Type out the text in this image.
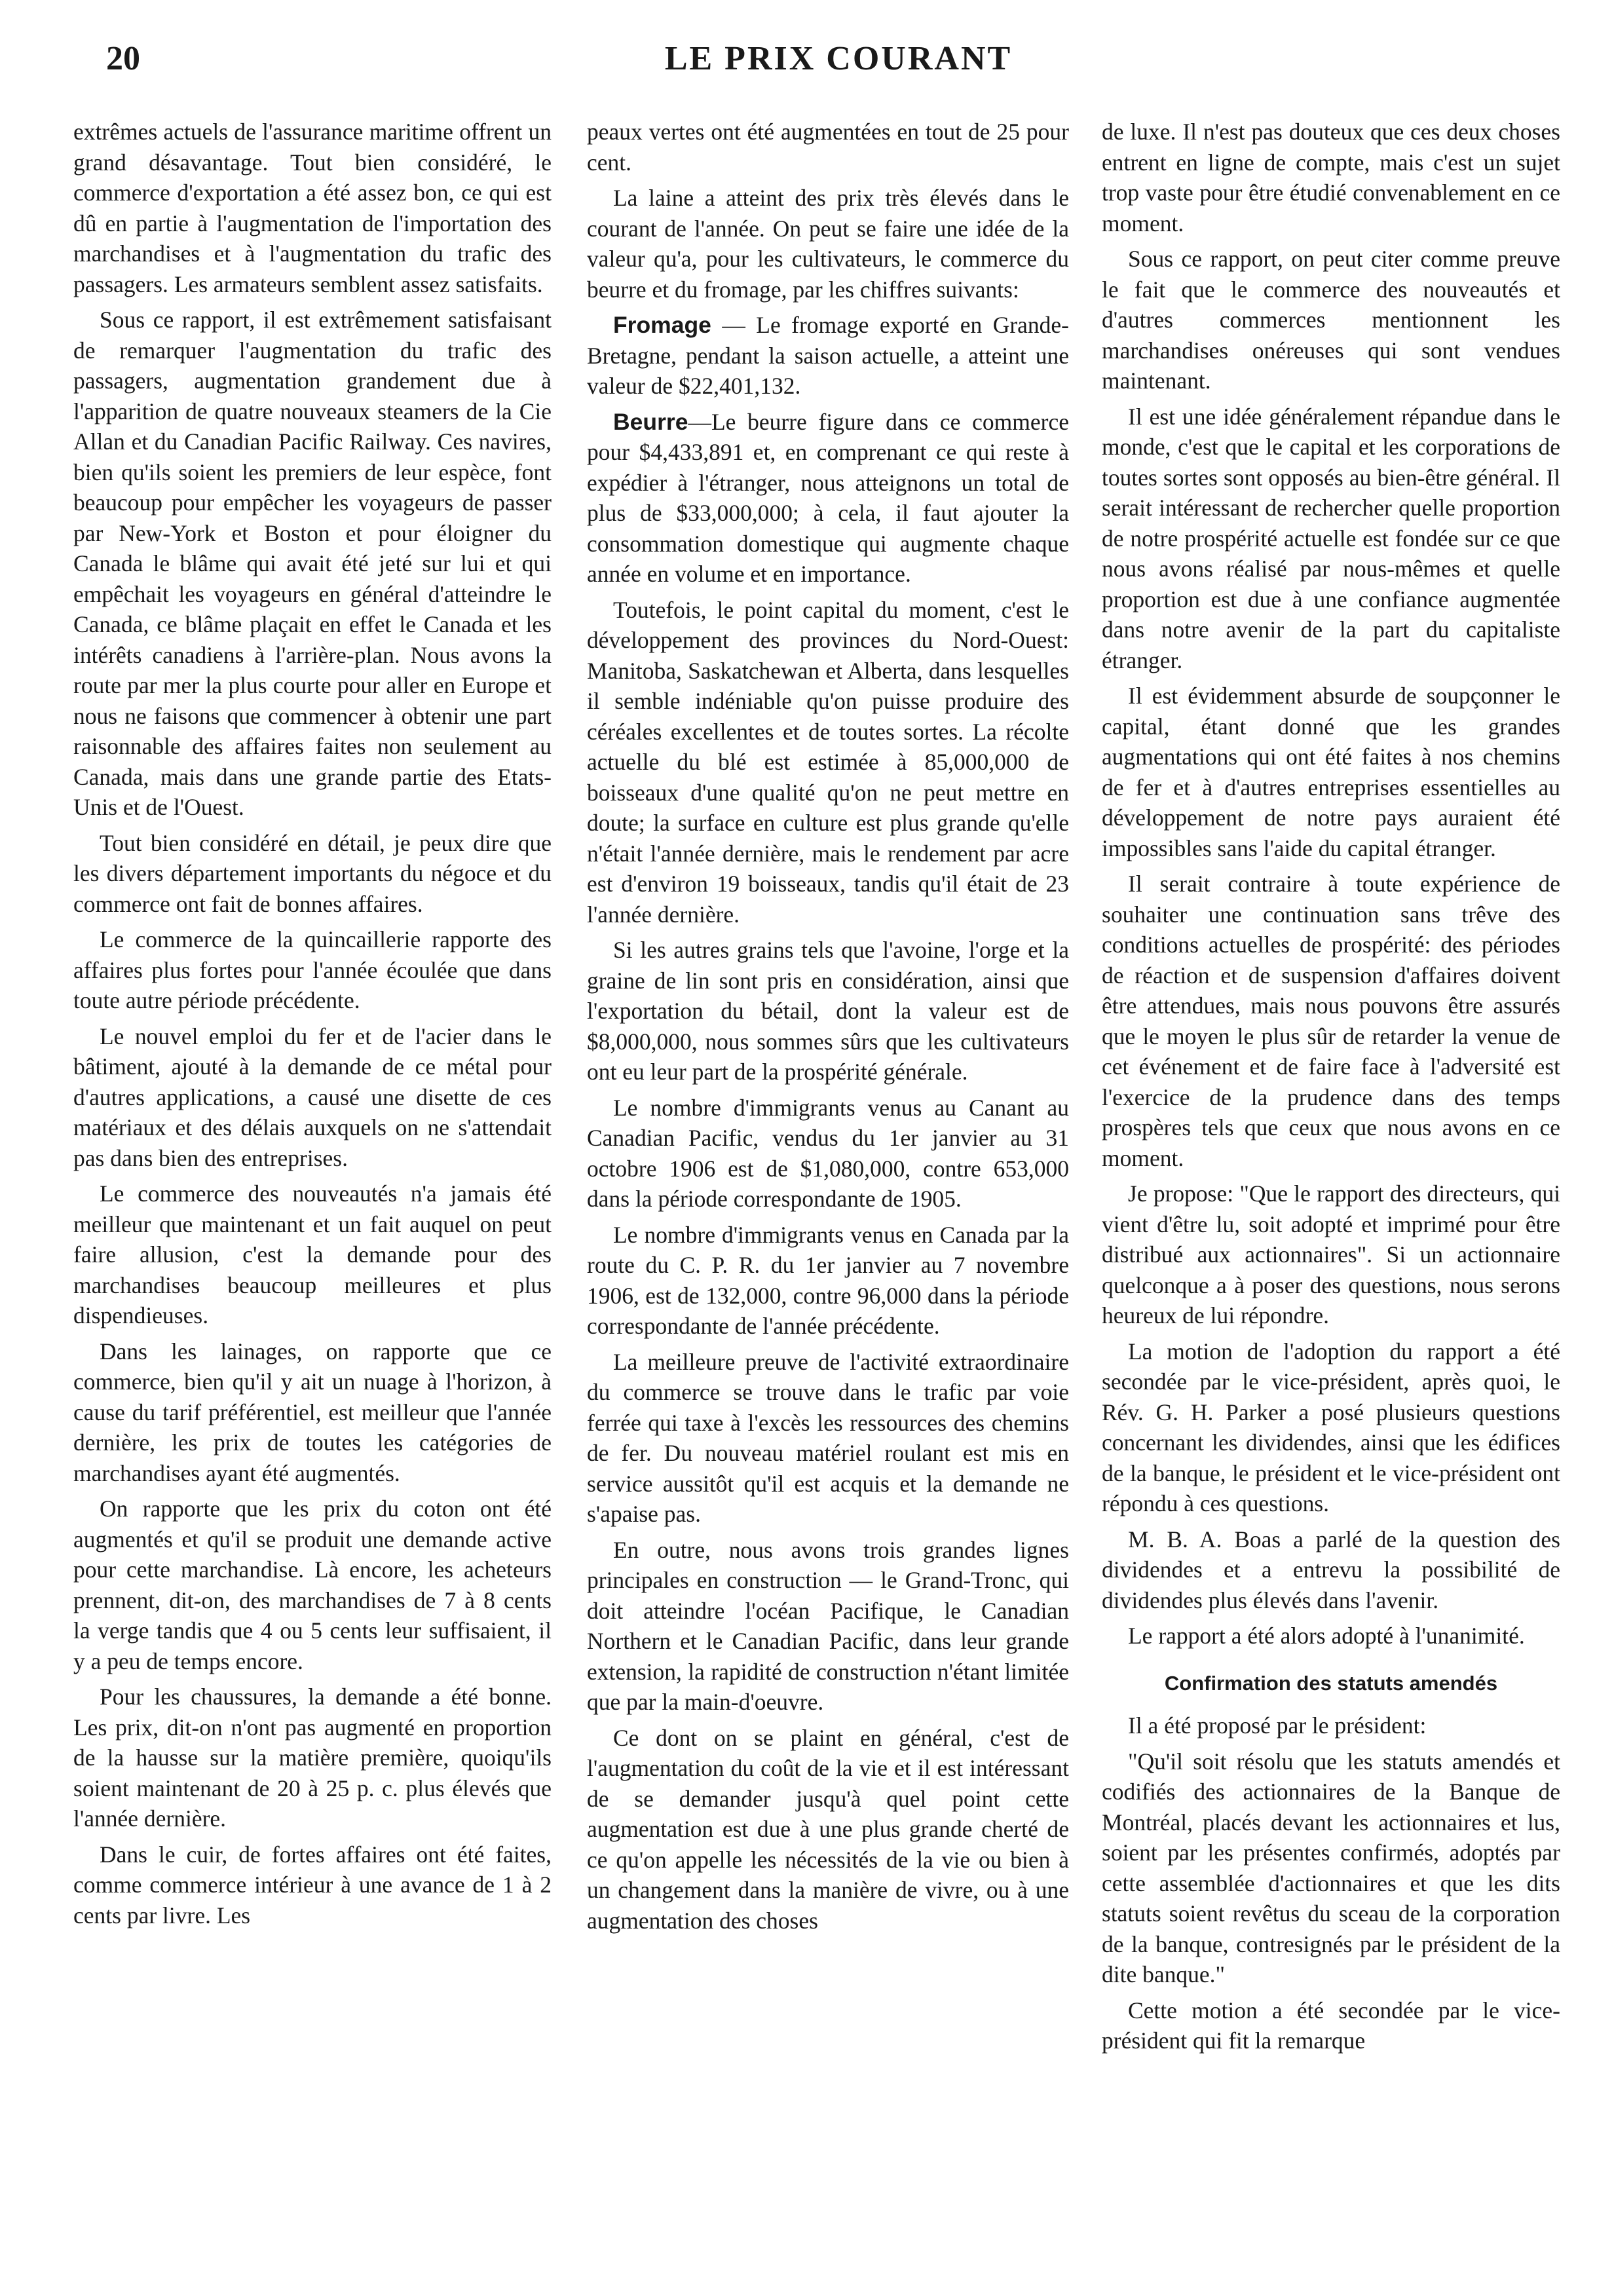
20	LE PRIX COURANT

extrêmes actuels de l'assurance maritime offrent un grand désavantage. Tout bien considéré, le commerce d'exportation a été assez bon, ce qui est dû en partie à l'augmentation de l'importation des marchandises et à l'augmentation du trafic des passagers. Les armateurs semblent assez satisfaits.

Sous ce rapport, il est extrêmement satisfaisant de remarquer l'augmentation du trafic des passagers, augmentation grandement due à l'apparition de quatre nouveaux steamers de la Cie Allan et du Canadian Pacific Railway. Ces navires, bien qu'ils soient les premiers de leur espèce, font beaucoup pour empêcher les voyageurs de passer par New-York et Boston et pour éloigner du Canada le blâme qui avait été jeté sur lui et qui empêchait les voyageurs en général d'atteindre le Canada, ce blâme plaçait en effet le Canada et les intérêts canadiens à l'arrière-plan. Nous avons la route par mer la plus courte pour aller en Europe et nous ne faisons que commencer à obtenir une part raisonnable des affaires faites non seulement au Canada, mais dans une grande partie des Etats-Unis et de l'Ouest.

Tout bien considéré en détail, je peux dire que les divers département importants du négoce et du commerce ont fait de bonnes affaires.

Le commerce de la quincaillerie rapporte des affaires plus fortes pour l'année écoulée que dans toute autre période précédente.

Le nouvel emploi du fer et de l'acier dans le bâtiment, ajouté à la demande de ce métal pour d'autres applications, a causé une disette de ces matériaux et des délais auxquels on ne s'attendait pas dans bien des entreprises.

Le commerce des nouveautés n'a jamais été meilleur que maintenant et un fait auquel on peut faire allusion, c'est la demande pour des marchandises beaucoup meilleures et plus dispendieuses.

Dans les lainages, on rapporte que ce commerce, bien qu'il y ait un nuage à l'horizon, à cause du tarif préférentiel, est meilleur que l'année dernière, les prix de toutes les catégories de marchandises ayant été augmentés.

On rapporte que les prix du coton ont été augmentés et qu'il se produit une demande active pour cette marchandise. Là encore, les acheteurs prennent, dit-on, des marchandises de 7 à 8 cents la verge tandis que 4 ou 5 cents leur suffisaient, il y a peu de temps encore.

Pour les chaussures, la demande a été bonne. Les prix, dit-on n'ont pas augmenté en proportion de la hausse sur la matière première, quoiqu'ils soient maintenant de 20 à 25 p. c. plus élevés que l'année dernière.

Dans le cuir, de fortes affaires ont été faites, comme commerce intérieur à une avance de 1 à 2 cents par livre. Les

peaux vertes ont été augmentées en tout de 25 pour cent.

La laine a atteint des prix très élevés dans le courant de l'année. On peut se faire une idée de la valeur qu'a, pour les cultivateurs, le commerce du beurre et du fromage, par les chiffres suivants:

Fromage — Le fromage exporté en Grande-Bretagne, pendant la saison actuelle, a atteint une valeur de $22,401,132.

Beurre—Le beurre figure dans ce commerce pour $4,433,891 et, en comprenant ce qui reste à expédier à l'étranger, nous atteignons un total de plus de $33,000,000; à cela, il faut ajouter la consommation domestique qui augmente chaque année en volume et en importance.

Toutefois, le point capital du moment, c'est le développement des provinces du Nord-Ouest: Manitoba, Saskatchewan et Alberta, dans lesquelles il semble indéniable qu'on puisse produire des céréales excellentes et de toutes sortes. La récolte actuelle du blé est estimée à 85,000,000 de boisseaux d'une qualité qu'on ne peut mettre en doute; la surface en culture est plus grande qu'elle n'était l'année dernière, mais le rendement par acre est d'environ 19 boisseaux, tandis qu'il était de 23 l'année dernière.

Si les autres grains tels que l'avoine, l'orge et la graine de lin sont pris en considération, ainsi que l'exportation du bétail, dont la valeur est de $8,000,000, nous sommes sûrs que les cultivateurs ont eu leur part de la prospérité générale.

Le nombre d'immigrants venus au Canant au Canadian Pacific, vendus du 1er janvier au 31 octobre 1906 est de $1,080,000, contre 653,000 dans la période correspondante de 1905.

Le nombre d'immigrants venus en Canada par la route du C. P. R. du 1er janvier au 7 novembre 1906, est de 132,000, contre 96,000 dans la période correspondante de l'année précédente.

La meilleure preuve de l'activité extraordinaire du commerce se trouve dans le trafic par voie ferrée qui taxe à l'excès les ressources des chemins de fer. Du nouveau matériel roulant est mis en service aussitôt qu'il est acquis et la demande ne s'apaise pas.

En outre, nous avons trois grandes lignes principales en construction — le Grand-Tronc, qui doit atteindre l'océan Pacifique, le Canadian Northern et le Canadian Pacific, dans leur grande extension, la rapidité de construction n'étant limitée que par la main-d'oeuvre.

Ce dont on se plaint en général, c'est de l'augmentation du coût de la vie et il est intéressant de se demander jusqu'à quel point cette augmentation est due à une plus grande cherté de ce qu'on appelle les nécessités de la vie ou bien à un changement dans la manière de vivre, ou à une augmentation des choses

de luxe. Il n'est pas douteux que ces deux choses entrent en ligne de compte, mais c'est un sujet trop vaste pour être étudié convenablement en ce moment.

Sous ce rapport, on peut citer comme preuve le fait que le commerce des nouveautés et d'autres commerces mentionnent les marchandises onéreuses qui sont vendues maintenant.

Il est une idée généralement répandue dans le monde, c'est que le capital et les corporations de toutes sortes sont opposés au bien-être général. Il serait intéressant de rechercher quelle proportion de notre prospérité actuelle est fondée sur ce que nous avons réalisé par nous-mêmes et quelle proportion est due à une confiance augmentée dans notre avenir de la part du capitaliste étranger.

Il est évidemment absurde de soupçonner le capital, étant donné que les grandes augmentations qui ont été faites à nos chemins de fer et à d'autres entreprises essentielles au développement de notre pays auraient été impossibles sans l'aide du capital étranger.

Il serait contraire à toute expérience de souhaiter une continuation sans trêve des conditions actuelles de prospérité: des périodes de réaction et de suspension d'affaires doivent être attendues, mais nous pouvons être assurés que le moyen le plus sûr de retarder la venue de cet événement et de faire face à l'adversité est l'exercice de la prudence dans des temps prospères tels que ceux que nous avons en ce moment.

Je propose: "Que le rapport des directeurs, qui vient d'être lu, soit adopté et imprimé pour être distribué aux actionnaires". Si un actionnaire quelconque a à poser des questions, nous serons heureux de lui répondre.

La motion de l'adoption du rapport a été secondée par le vice-président, après quoi, le Rév. G. H. Parker a posé plusieurs questions concernant les dividendes, ainsi que les édifices de la banque, le président et le vice-président ont répondu à ces questions.

M. B. A. Boas a parlé de la question des dividendes et a entrevu la possibilité de dividendes plus élevés dans l'avenir.

Le rapport a été alors adopté à l'unanimité.

Confirmation des statuts amendés

Il a été proposé par le président:

"Qu'il soit résolu que les statuts amendés et codifiés des actionnaires de la Banque de Montréal, placés devant les actionnaires et lus, soient par les présentes confirmés, adoptés par cette assemblée d'actionnaires et que les dits statuts soient revêtus du sceau de la corporation de la banque, contresignés par le président de la dite banque."

Cette motion a été secondée par le vice-président qui fit la remarque
